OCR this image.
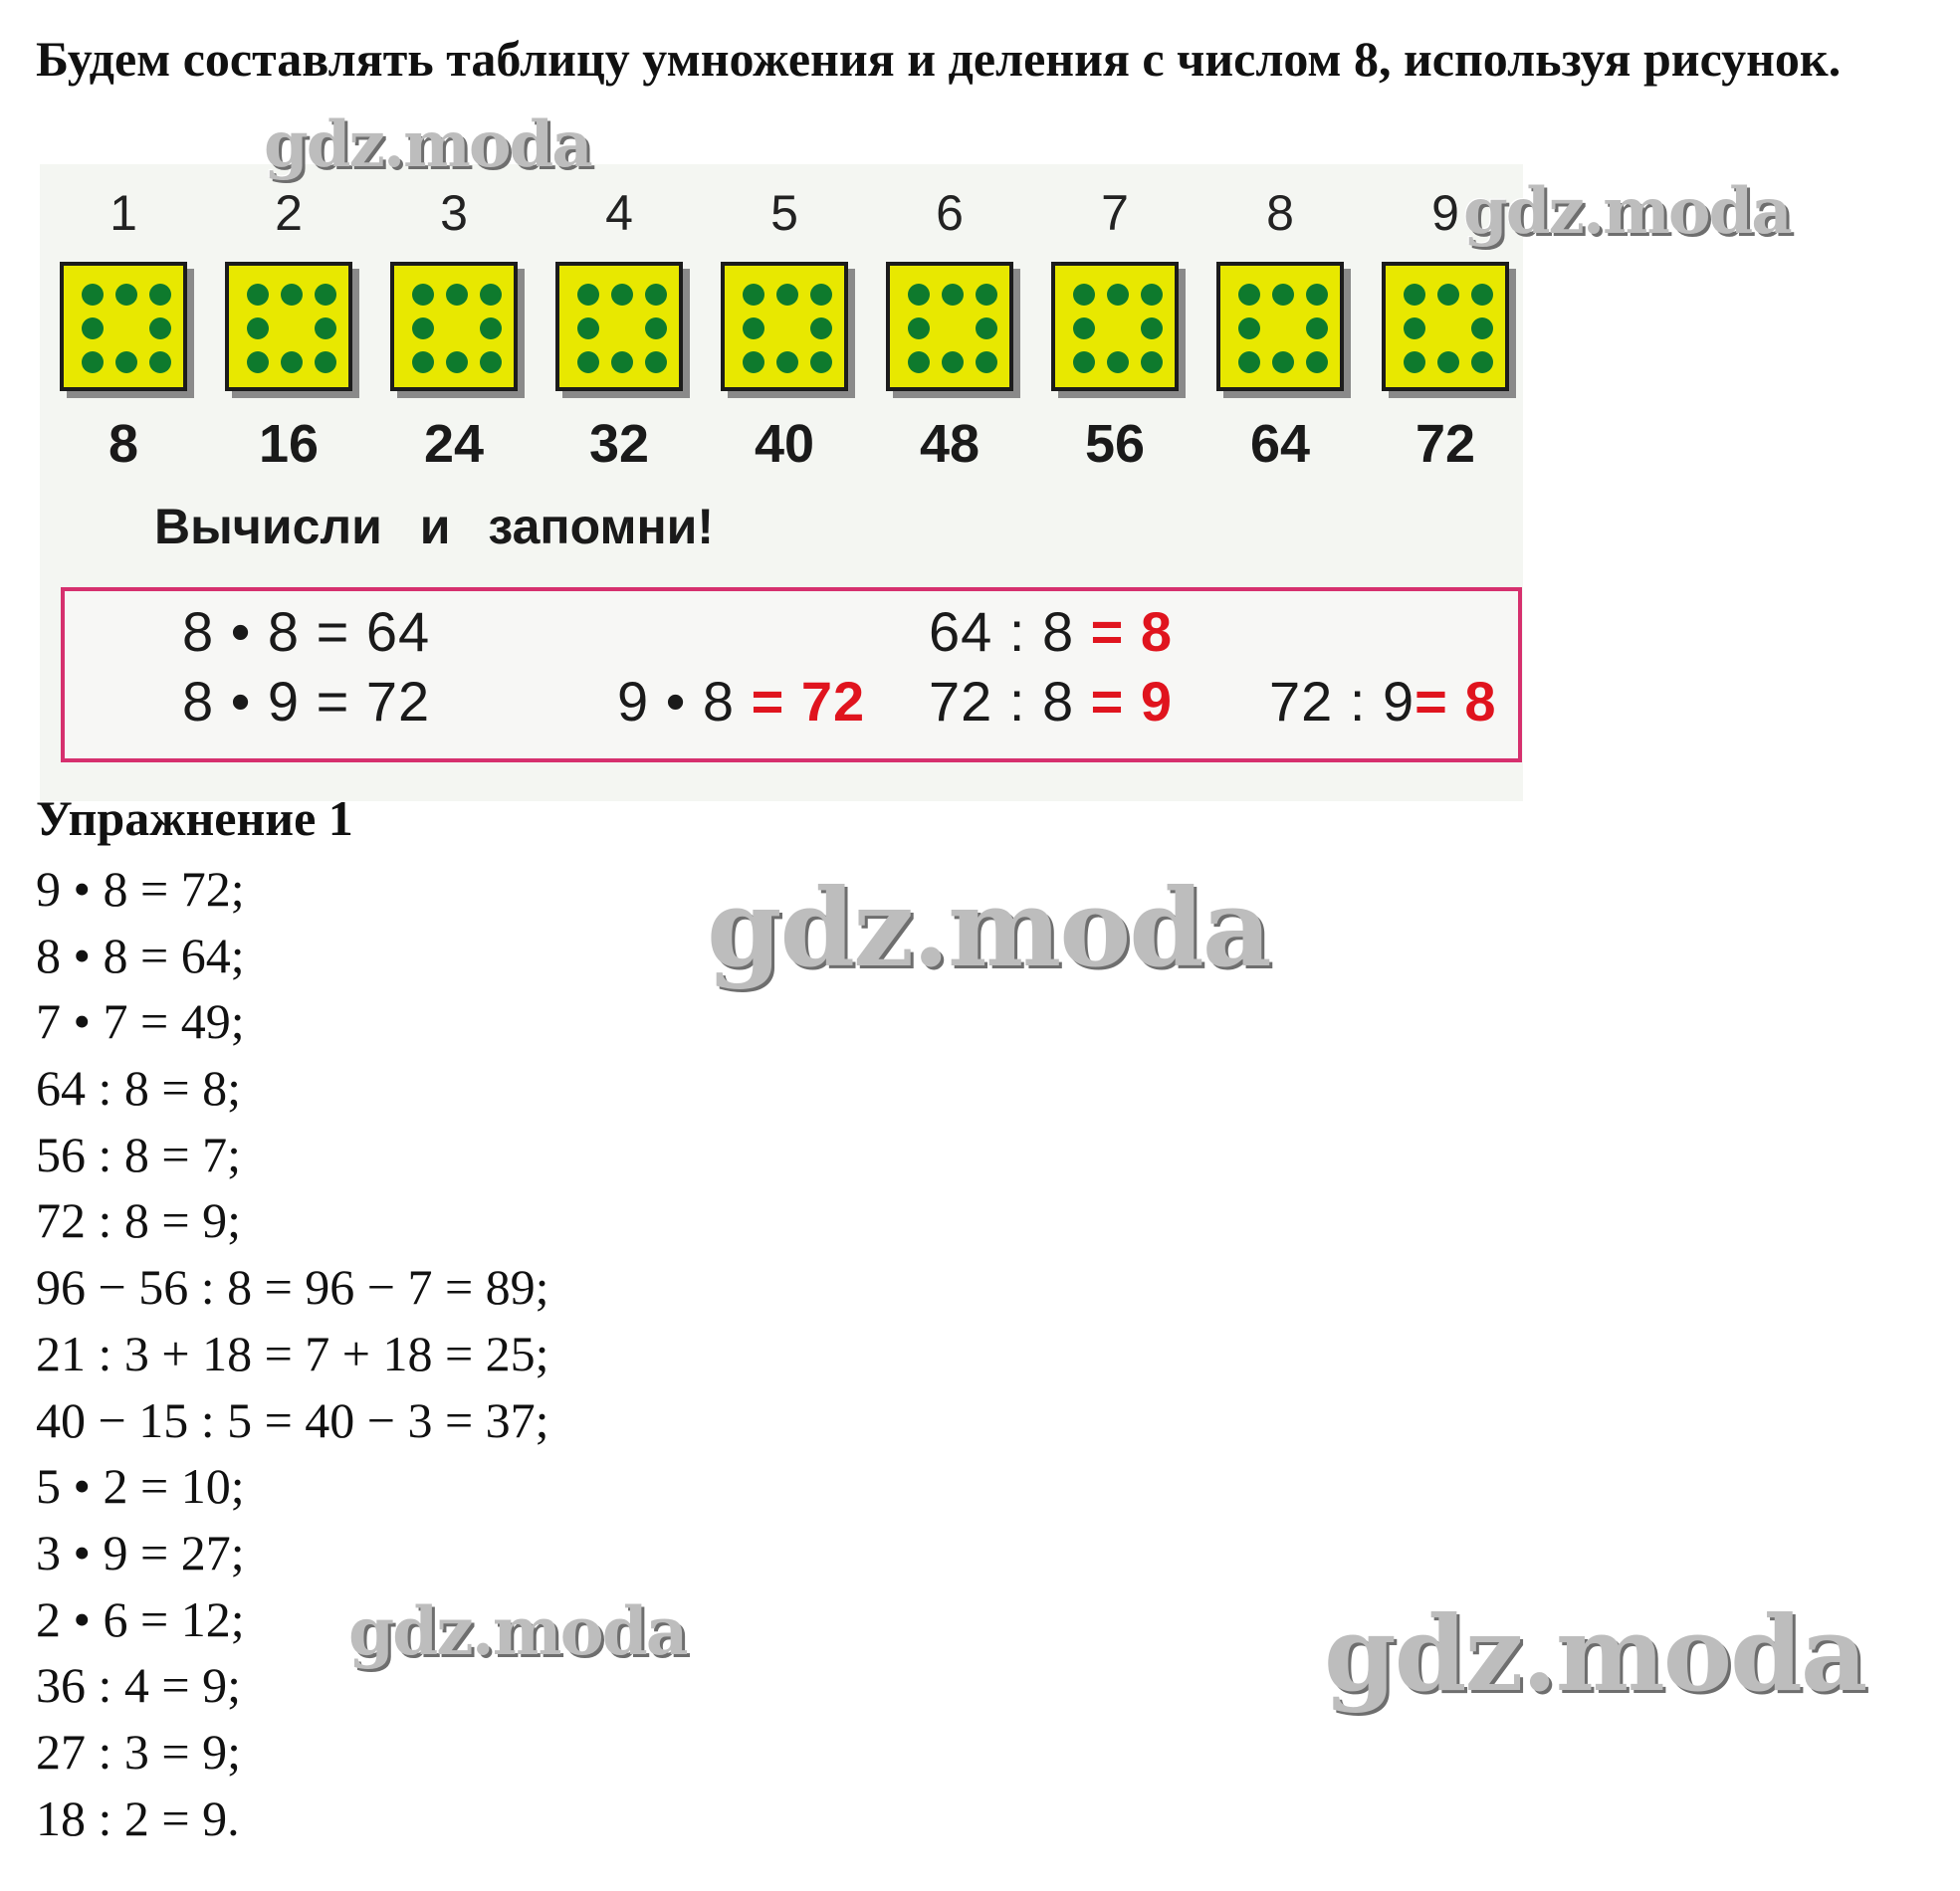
Будем составлять таблицу умножения и деления с числом 8, используя рисунок.

1
8
2
16
3
24
4
32
5
40
6
48
7
56
8
64
9
72

Вычисли и запомни!

8 • 8 = 64
8 • 9 = 72	9 • 8 = 72
64 : 8 = 8
72 : 8 = 9 72 : 9= 8

Упражнение 1

9 • 8 = 72;
8 • 8 = 64;
7 • 7 = 49;
64 : 8 = 8;
56 : 8 = 7;
72 : 8 = 9;
96 − 56 : 8 = 96 − 7 = 89;
21 : 3 + 18 = 7 + 18 = 25;
40 − 15 : 5 = 40 − 3 = 37;
5 • 2 = 10;
3 • 9 = 27;
2 • 6 = 12;
36 : 4 = 9;
27 : 3 = 9;
18 : 2 = 9.
gdz.moda
gdz.moda
gdz.moda
gdz.moda	gdz.moda
